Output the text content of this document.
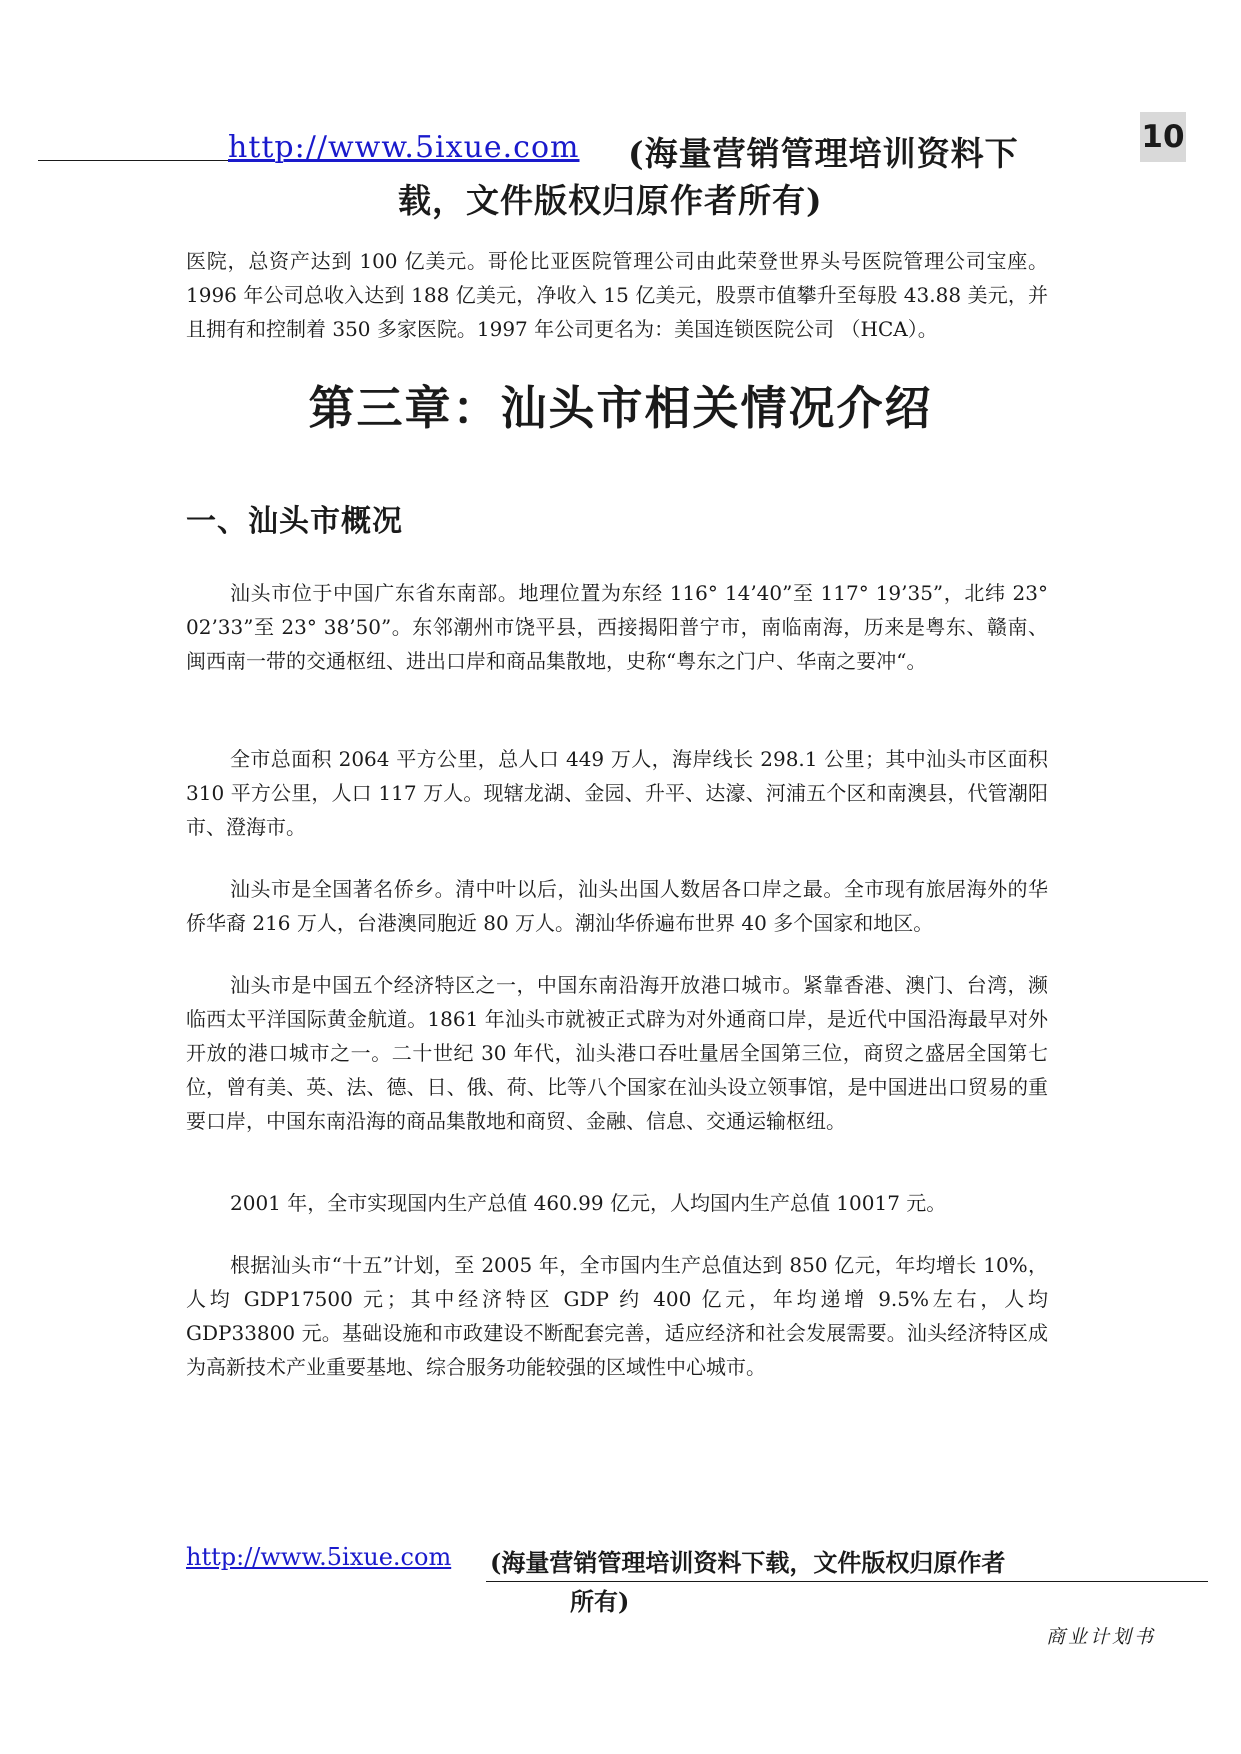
http://www.5ixue.com (海量营销管理培训资料下
载，文件版权归原作者所有)
10

医院，总资产达到 100 亿美元。哥伦比亚医院管理公司由此荣登世界头号医院管理公司宝座。1996 年公司总收入达到 188 亿美元，净收入 15 亿美元，股票市值攀升至每股 43.88 美元，并且拥有和控制着 350 多家医院。1997 年公司更名为：美国连锁医院公司 （HCA）。

第三章：汕头市相关情况介绍
一、汕头市概况

汕头市位于中国广东省东南部。地理位置为东经 116° 14’40”至 117° 19’35”，北纬 23° 02’33”至 23° 38’50”。东邻潮州市饶平县，西接揭阳普宁市，南临南海，历来是粤东、赣南、闽西南一带的交通枢纽、进出口岸和商品集散地，史称“粤东之门户、华南之要冲“。

全市总面积 2064 平方公里，总人口 449 万人，海岸线长 298.1 公里；其中汕头市区面积 310 平方公里，人口 117 万人。现辖龙湖、金园、升平、达濠、河浦五个区和南澳县，代管潮阳市、澄海市。

汕头市是全国著名侨乡。清中叶以后，汕头出国人数居各口岸之最。全市现有旅居海外的华侨华裔 216 万人，台港澳同胞近 80 万人。潮汕华侨遍布世界 40 多个国家和地区。

汕头市是中国五个经济特区之一，中国东南沿海开放港口城市。紧靠香港、澳门、台湾，濒临西太平洋国际黄金航道。1861 年汕头市就被正式辟为对外通商口岸，是近代中国沿海最早对外开放的港口城市之一。二十世纪 30 年代，汕头港口吞吐量居全国第三位，商贸之盛居全国第七位，曾有美、英、法、德、日、俄、荷、比等八个国家在汕头设立领事馆，是中国进出口贸易的重要口岸，中国东南沿海的商品集散地和商贸、金融、信息、交通运输枢纽。

2001 年，全市实现国内生产总值 460.99 亿元，人均国内生产总值 10017 元。

根据汕头市“十五”计划，至 2005 年，全市国内生产总值达到 850 亿元，年均增长 10%，人均 GDP17500 元；其中经济特区 GDP 约 400 亿元，年均递增 9.5%左右，人均 GDP33800 元。基础设施和市政建设不断配套完善，适应经济和社会发展需要。汕头经济特区成为高新技术产业重要基地、综合服务功能较强的区域性中心城市。

http://www.5ixue.com (海量营销管理培训资料下载，文件版权归原作者
所有)
商业计划书
